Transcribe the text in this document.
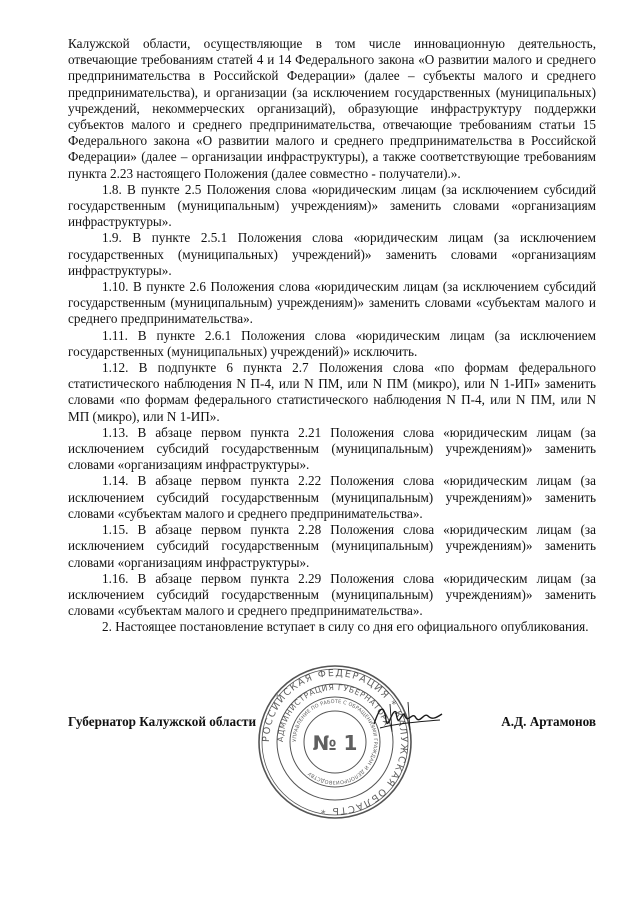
Калужской области, осуществляющие в том числе инновационную деятельность, отвечающие требованиям статей 4 и 14 Федерального закона «О развитии малого и среднего предпринимательства в Российской Федерации» (далее – субъекты малого и среднего предпринимательства), и организации (за исключением государственных (муниципальных) учреждений, некоммерческих организаций), образующие инфраструктуру поддержки субъектов малого и среднего предпринимательства, отвечающие требованиям статьи 15 Федерального закона «О развитии малого и среднего предпринимательства в Российской Федерации» (далее – организации инфраструктуры), а также соответствующие требованиям пункта 2.23 настоящего Положения (далее совместно - получатели).».

1.8. В пункте 2.5 Положения слова «юридическим лицам (за исключением субсидий государственным (муниципальным) учреждениям)» заменить словами «организациям инфраструктуры».

1.9. В пункте 2.5.1 Положения слова «юридическим лицам (за исключением государственных (муниципальных) учреждений)» заменить словами «организациям инфраструктуры».

1.10. В пункте 2.6 Положения слова «юридическим лицам (за исключением субсидий государственным (муниципальным) учреждениям)» заменить словами «субъектам малого и среднего предпринимательства».

1.11. В пункте 2.6.1 Положения слова «юридическим лицам (за исключением государственных (муниципальных) учреждений)» исключить.

1.12. В подпункте 6 пункта 2.7 Положения слова «по формам федерального статистического наблюдения N П-4, или N ПМ, или N ПМ (микро), или N 1-ИП» заменить словами «по формам федерального статистического наблюдения N П-4, или N ПМ, или N МП (микро), или N 1-ИП».

1.13. В абзаце первом пункта 2.21 Положения слова «юридическим лицам (за исключением субсидий государственным (муниципальным) учреждениям)» заменить словами «организациям инфраструктуры».

1.14. В абзаце первом пункта 2.22 Положения слова «юридическим лицам (за исключением субсидий государственным (муниципальным) учреждениям)» заменить словами «субъектам малого и среднего предпринимательства».

1.15. В абзаце первом пункта 2.28 Положения слова «юридическим лицам (за исключением субсидий государственным (муниципальным) учреждениям)» заменить словами «организациям инфраструктуры».

1.16. В абзаце первом пункта 2.29 Положения слова «юридическим лицам (за исключением субсидий государственным (муниципальным) учреждениям)» заменить словами «субъектам малого и среднего предпринимательства».

2. Настоящее постановление вступает в силу со дня его официального опубликования.

Губернатор Калужской области	А.Д. Артамонов
РОССИЙСКАЯ ФЕДЕРАЦИЯ * КАЛУЖСКАЯ ОБЛАСТЬ *
АДМИНИСТРАЦИЯ ГУБЕРНАТОРА
УПРАВЛЕНИЕ ПО РАБОТЕ С ОБРАЩЕНИЯМИ ГРАЖДАН И ДЕЛОПРОИЗВОДСТВУ
№ 1
